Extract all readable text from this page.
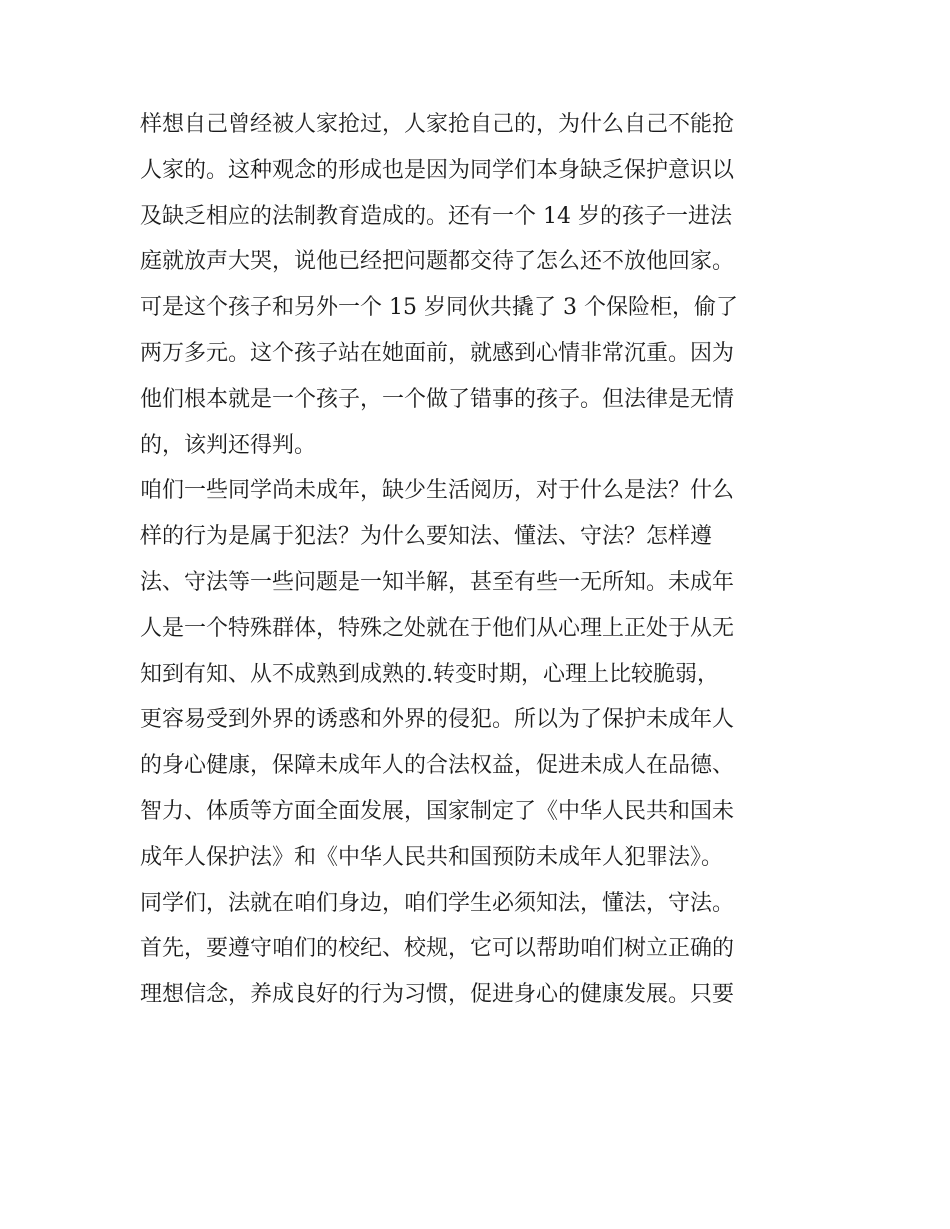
样想自己曾经被人家抢过，人家抢自己的，为什么自己不能抢
人家的。这种观念的形成也是因为同学们本身缺乏保护意识以
及缺乏相应的法制教育造成的。还有一个 14 岁的孩子一进法
庭就放声大哭，说他已经把问题都交待了怎么还不放他回家。
可是这个孩子和另外一个 15 岁同伙共撬了 3 个保险柜，偷了
两万多元。这个孩子站在她面前，就感到心情非常沉重。因为
他们根本就是一个孩子，一个做了错事的孩子。但法律是无情
的，该判还得判。
咱们一些同学尚未成年，缺少生活阅历，对于什么是法？什么
样的行为是属于犯法？为什么要知法、懂法、守法？怎样遵
法、守法等一些问题是一知半解，甚至有些一无所知。未成年
人是一个特殊群体，特殊之处就在于他们从心理上正处于从无
知到有知、从不成熟到成熟的.转变时期，心理上比较脆弱，
更容易受到外界的诱惑和外界的侵犯。所以为了保护未成年人
的身心健康，保障未成年人的合法权益，促进未成人在品德、
智力、体质等方面全面发展，国家制定了《中华人民共和国未
成年人保护法》和《中华人民共和国预防未成年人犯罪法》。
同学们，法就在咱们身边，咱们学生必须知法，懂法，守法。
首先，要遵守咱们的校纪、校规，它可以帮助咱们树立正确的
理想信念，养成良好的行为习惯，促进身心的健康发展。只要
